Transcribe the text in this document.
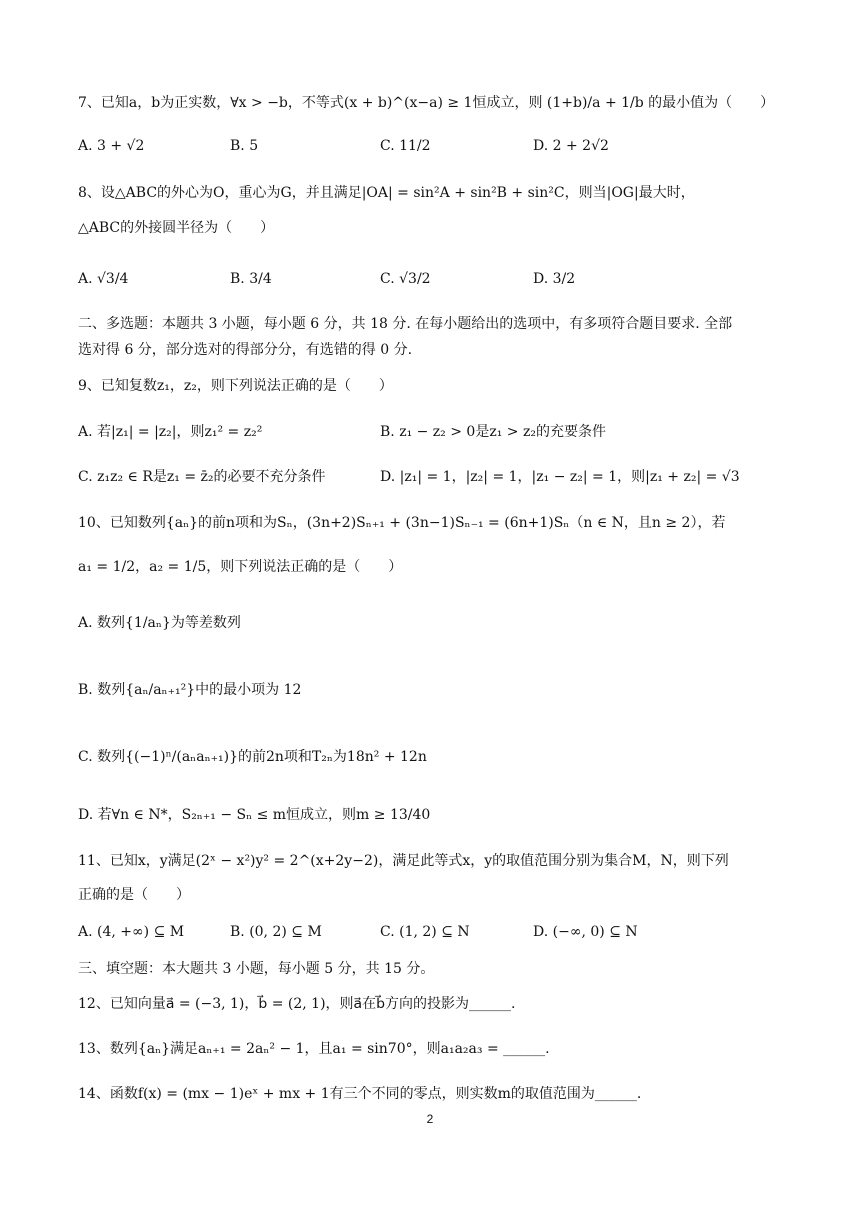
7、已知a，b为正实数，∀x > −b，不等式(x + b)^(x−a) ≥ 1恒成立，则 (1+b)/a + 1/b 的最小值为（　　）
A. 3 + √2	B. 5	C. 11/2	D. 2 + 2√2
8、设△ABC的外心为O，重心为G，并且满足|OA| = sin²A + sin²B + sin²C，则当|OG|最大时，
△ABC的外接圆半径为（　　）
A. √3/4	B. 3/4	C. √3/2	D. 3/2
二、多选题：本题共 3 小题，每小题 6 分，共 18 分. 在每小题给出的选项中，有多项符合题目要求. 全部
选对得 6 分，部分选对的得部分分，有选错的得 0 分.
9、已知复数z₁，z₂，则下列说法正确的是（　　）
A. 若|z₁| = |z₂|，则z₁² = z₂²	B. z₁ − z₂ > 0是z₁ > z₂的充要条件
C. z₁z₂ ∈ R是z₁ = z̄₂的必要不充分条件	D. |z₁| = 1，|z₂| = 1，|z₁ − z₂| = 1，则|z₁ + z₂| = √3
10、已知数列{aₙ}的前n项和为Sₙ，(3n+2)Sₙ₊₁ + (3n−1)Sₙ₋₁ = (6n+1)Sₙ（n ∈ N，且n ≥ 2），若
a₁ = 1/2，a₂ = 1/5，则下列说法正确的是（　　）
A. 数列{1/aₙ}为等差数列
B. 数列{aₙ/aₙ₊₁²}中的最小项为 12
C. 数列{(−1)ⁿ/(aₙaₙ₊₁)}的前2n项和T₂ₙ为18n² + 12n
D. 若∀n ∈ N*，S₂ₙ₊₁ − Sₙ ≤ m恒成立，则m ≥ 13/40
11、已知x，y满足(2ˣ − x²)y² = 2^(x+2y−2)，满足此等式x，y的取值范围分别为集合M，N，则下列
正确的是（　　）
A. (4, +∞) ⊆ M	B. (0, 2) ⊆ M	C. (1, 2) ⊆ N	D. (−∞, 0) ⊆ N
三、填空题：本大题共 3 小题，每小题 5 分，共 15 分。
12、已知向量a⃗ = (−3, 1)，b⃗ = (2, 1)，则a⃗在b⃗方向的投影为______.
13、数列{aₙ}满足aₙ₊₁ = 2aₙ² − 1，且a₁ = sin70°，则a₁a₂a₃ = ______.
14、函数f(x) = (mx − 1)eˣ + mx + 1有三个不同的零点，则实数m的取值范围为______.
2
